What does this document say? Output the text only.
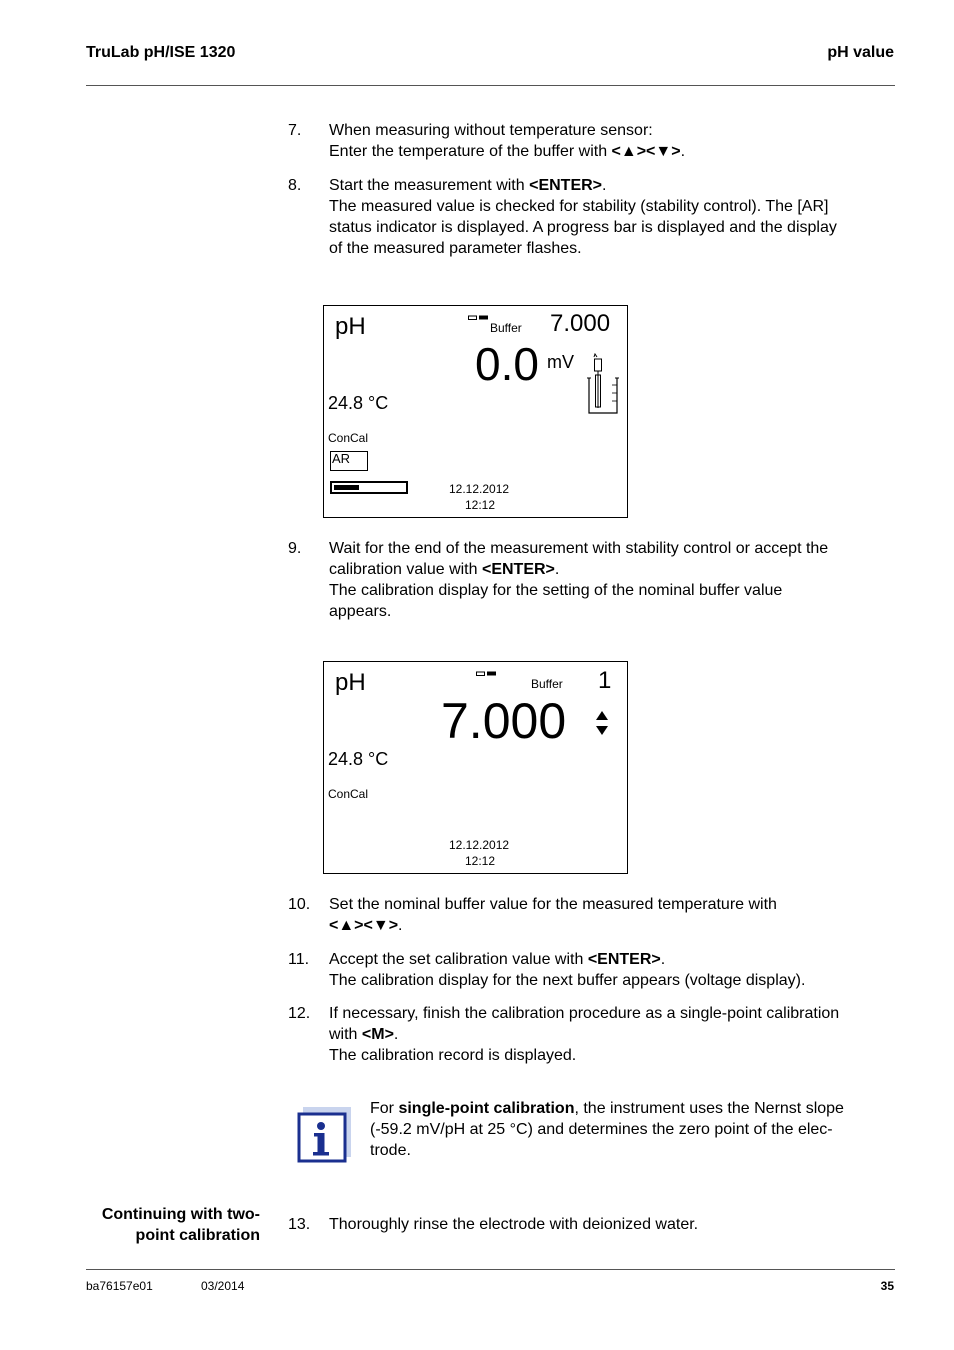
TruLab pH/ISE 1320	pH value
7.	When measuring without temperature sensor:
Enter the temperature of the buffer with <▲><▼>.
8.	Start the measurement with <ENTER>.
The measured value is checked for stability (stability control). The [AR]
status indicator is displayed. A progress bar is displayed and the display
of the measured parameter flashes.
pH	Buffer 7.000
0.0 mV
24.8 °C
ConCal
AR
12.12.2012
12:12
9.	Wait for the end of the measurement with stability control or accept the
calibration value with <ENTER>.
The calibration display for the setting of the nominal buffer value
appears.
pH	Buffer 1
7.000
24.8 °C
ConCal
12.12.2012
12:12
10.	Set the nominal buffer value for the measured temperature with
<▲><▼>.
11.	Accept the set calibration value with <ENTER>.
The calibration display for the next buffer appears (voltage display).
12.	If necessary, finish the calibration procedure as a single-point calibration
with <M>.
The calibration record is displayed.
For single-point calibration, the instrument uses the Nernst slope
(-59.2 mV/pH at 25 °C) and determines the zero point of the elec-
trode.
Continuing with two-
point calibration
13.	Thoroughly rinse the electrode with deionized water.
ba76157e01	03/2014	35
